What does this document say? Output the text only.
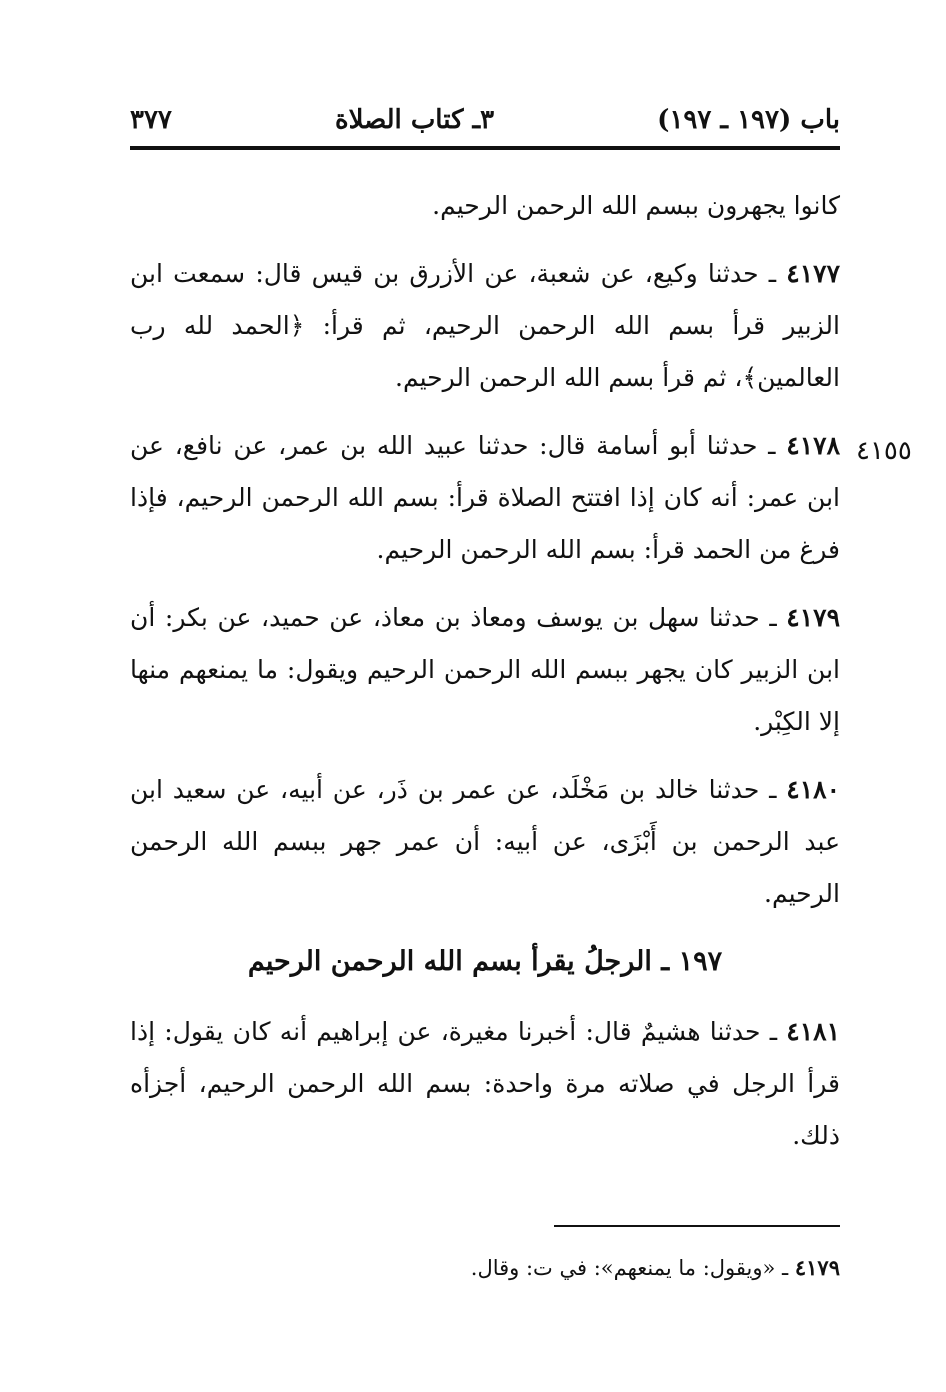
باب (١٩٧ ـ ١٩٧)
٣ـ كتاب الصلاة
٣٧٧

كانوا يجهرون ببسم الله الرحمن الرحيم.

٤١٧٧ ـ حدثنا وكيع، عن شعبة، عن الأزرق بن قيس قال: سمعت ابن الزبير قرأ بسم الله الرحمن الرحيم، ثم قرأ: ﴿الحمد لله رب العالمين﴾، ثم قرأ بسم الله الرحمن الرحيم.

٤١٧٨ ـ حدثنا أبو أسامة قال: حدثنا عبيد الله بن عمر، عن نافع، عن ابن عمر: أنه كان إذا افتتح الصلاة قرأ: بسم الله الرحمن الرحيم، فإذا فرغ من الحمد قرأ: بسم الله الرحمن الرحيم.

٤١٧٩ ـ حدثنا سهل بن يوسف ومعاذ بن معاذ، عن حميد، عن بكر: أن ابن الزبير كان يجهر ببسم الله الرحمن الرحيم ويقول: ما يمنعهم منها إلا الكِبْر.

٤١٨٠ ـ حدثنا خالد بن مَخْلَد، عن عمر بن ذَر، عن أبيه، عن سعيد ابن عبد الرحمن بن أَبْزَى، عن أبيه: أن عمر جهر ببسم الله الرحمن الرحيم.

١٩٧ ـ الرجلُ يقرأ بسم الله الرحمن الرحيم

٤١٨١ ـ حدثنا هشيمٌ قال: أخبرنا مغيرة، عن إبراهيم أنه كان يقول: إذا قرأ الرجل في صلاته مرة واحدة: بسم الله الرحمن الرحيم، أجزأه ذلك.

٤١٥٥
٤١٧٩ ـ «ويقول: ما يمنعهم»: في ت: وقال.
